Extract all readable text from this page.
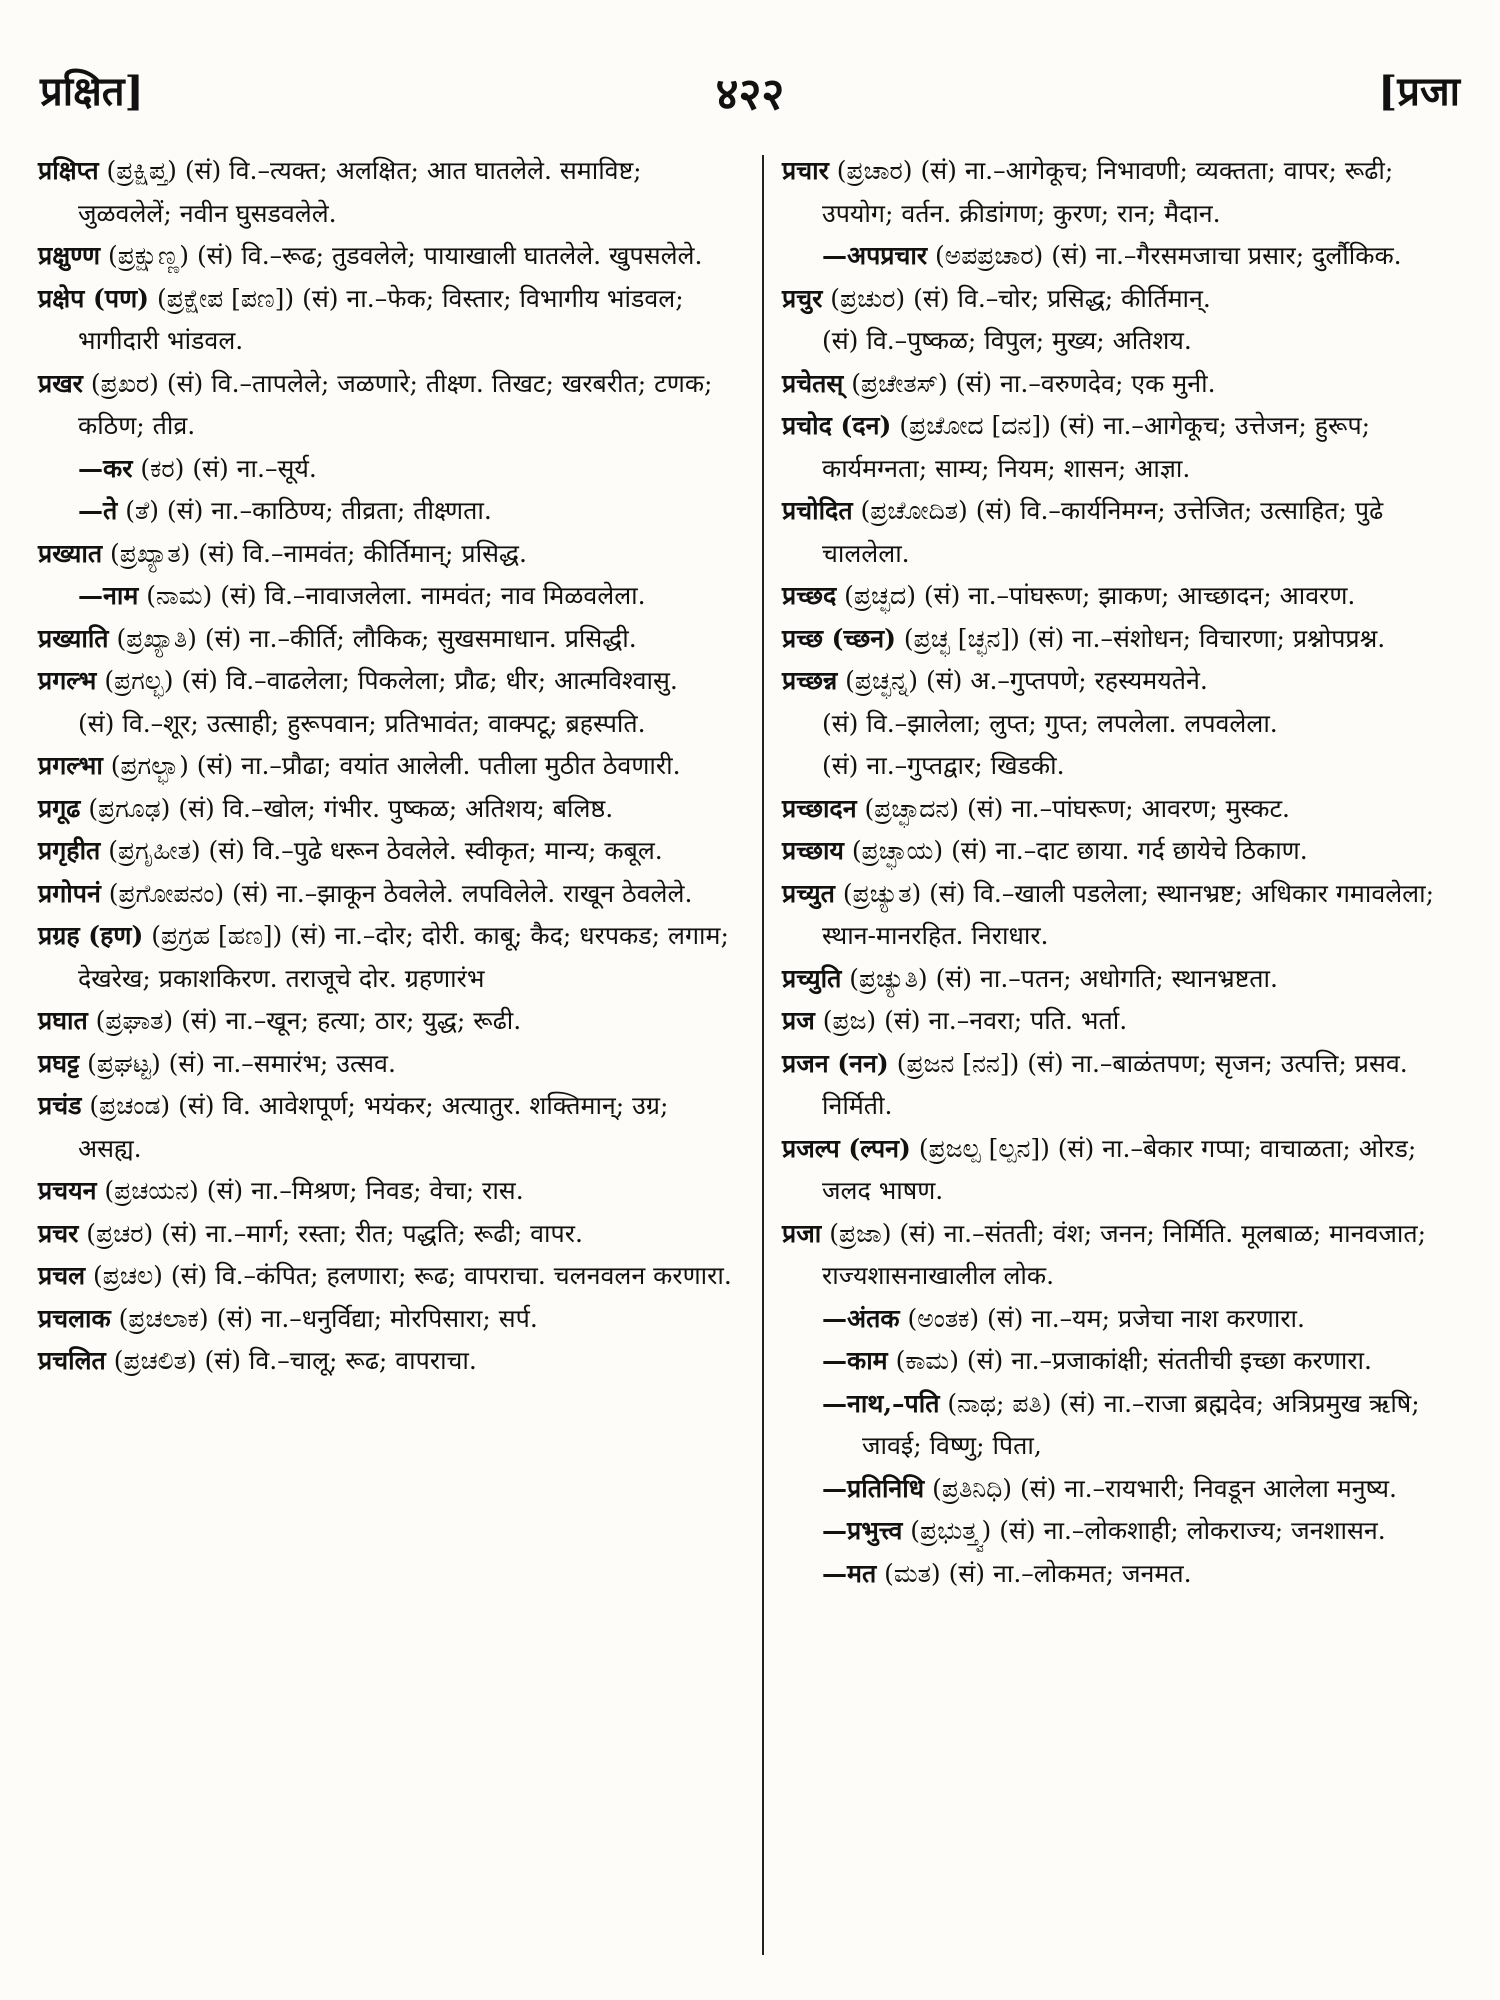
प्रक्षित]	४२२	[प्रजा
प्रक्षिप्त (ಪ್ರಕ್ಷಿಪ್ತ) (सं) वि.–त्यक्त; अलक्षित; आत घातलेले. समाविष्ट; जुळवलेलें; नवीन घुसडवलेले.
प्रक्षुण्ण (ಪ್ರಕ್ಷುಣ್ಣ) (सं) वि.–रूढ; तुडवलेले; पायाखाली घातलेले. खुपसलेले.
प्रक्षेप (पण) (ಪ್ರಕ್ಷೇಪ [ಪಣ]) (सं) ना.–फेक; विस्तार; विभागीय भांडवल; भागीदारी भांडवल.
प्रखर (ಪ್ರಖರ) (सं) वि.–तापलेले; जळणारे; तीक्ष्ण. तिखट; खरबरीत; टणक; कठिण; तीव्र.
—कर (ಕರ) (सं) ना.–सूर्य.
—ते (ತೆ) (सं) ना.–काठिण्य; तीव्रता; तीक्ष्णता.
प्रख्यात (ಪ್ರಖ್ಯಾತ) (सं) वि.–नामवंत; कीर्तिमान्; प्रसिद्ध.
—नाम (ನಾಮ) (सं) वि.–नावाजलेला. नामवंत; नाव मिळवलेला.
प्रख्याति (ಪ್ರಖ್ಯಾತಿ) (सं) ना.–कीर्ति; लौकिक; सुखसमाधान. प्रसिद्धी.
प्रगल्भ (ಪ್ರಗಲ್ಭ) (सं) वि.–वाढलेला; पिकलेला; प्रौढ; धीर; आत्मविश्वासु.
(सं) वि.–शूर; उत्साही; हुरूपवान; प्रतिभावंत; वाक्पटू; ब्रहस्पति.
प्रगल्भा (ಪ್ರಗಲ್ಭಾ) (सं) ना.–प्रौढा; वयांत आलेली. पतीला मुठीत ठेवणारी.
प्रगूढ (ಪ್ರಗೂಢ) (सं) वि.–खोल; गंभीर. पुष्कळ; अतिशय; बलिष्ठ.
प्रगृहीत (ಪ್ರಗೃಹೀತ) (सं) वि.–पुढे धरून ठेवलेले. स्वीकृत; मान्य; कबूल.
प्रगोपनं (ಪ್ರಗೋಪನಂ) (सं) ना.–झाकून ठेवलेले. लपविलेले. राखून ठेवलेले.
प्रग्रह (हण) (ಪ್ರಗ್ರಹ [ಹಣ]) (सं) ना.–दोर; दोरी. काबू; कैद; धरपकड; लगाम; देखरेख; प्रकाशकिरण. तराजूचे दोर. ग्रहणारंभ
प्रघात (ಪ್ರಘಾತ) (सं) ना.–खून; हत्या; ठार; युद्ध; रूढी.
प्रघट्ट (ಪ್ರಘಟ್ಟ) (सं) ना.–समारंभ; उत्सव.
प्रचंड (ಪ್ರಚಂಡ) (सं) वि. आवेशपूर्ण; भयंकर; अत्यातुर. शक्तिमान्; उग्र; असह्य.
प्रचयन (ಪ್ರಚಯನ) (सं) ना.–मिश्रण; निवड; वेचा; रास.
प्रचर (ಪ್ರಚರ) (सं) ना.–मार्ग; रस्ता; रीत; पद्धति; रूढी; वापर.
प्रचल (ಪ್ರಚಲ) (सं) वि.–कंपित; हलणारा; रूढ; वापराचा. चलनवलन करणारा.
प्रचलाक (ಪ್ರಚಲಾಕ) (सं) ना.–धनुर्विद्या; मोरपिसारा; सर्प.
प्रचलित (ಪ್ರಚಲಿತ) (सं) वि.–चालू; रूढ; वापराचा.
प्रचार (ಪ್ರಚಾರ) (सं) ना.–आगेकूच; निभावणी; व्यक्तता; वापर; रूढी; उपयोग; वर्तन. क्रीडांगण; कुरण; रान; मैदान.
—अपप्रचार (ಅಪಪ್ರಚಾರ) (सं) ना.–गैरसमजाचा प्रसार; दुर्लौकिक.
प्रचुर (ಪ್ರಚುರ) (सं) वि.–चोर; प्रसिद्ध; कीर्तिमान्.
(सं) वि.–पुष्कळ; विपुल; मुख्य; अतिशय.
प्रचेतस् (ಪ್ರಚೇತಸ್) (सं) ना.–वरुणदेव; एक मुनी.
प्रचोद (दन) (ಪ್ರಚೋದ [ದನ]) (सं) ना.–आगेकूच; उत्तेजन; हुरूप; कार्यमग्नता; साम्य; नियम; शासन; आज्ञा.
प्रचोदित (ಪ್ರಚೋದಿತ) (सं) वि.–कार्यनिमग्न; उत्तेजित; उत्साहित; पुढे चाललेला.
प्रच्छद (ಪ್ರಚ್ಛದ) (सं) ना.–पांघरूण; झाकण; आच्छादन; आवरण.
प्रच्छ (च्छन) (ಪ್ರಚ್ಛ [ಚ್ಛನ]) (सं) ना.–संशोधन; विचारणा; प्रश्नोपप्रश्न.
प्रच्छन्न (ಪ್ರಚ್ಛನ್ನ) (सं) अ.–गुप्तपणे; रहस्यमयतेने.
(सं) वि.–झालेला; लुप्त; गुप्त; लपलेला. लपवलेला.
(सं) ना.–गुप्तद्वार; खिडकी.
प्रच्छादन (ಪ್ರಚ್ಛಾದನ) (सं) ना.–पांघरूण; आवरण; मुस्कट.
प्रच्छाय (ಪ್ರಚ್ಛಾಯ) (सं) ना.–दाट छाया. गर्द छायेचे ठिकाण.
प्रच्युत (ಪ್ರಚ್ಯುತ) (सं) वि.–खाली पडलेला; स्थानभ्रष्ट; अधिकार गमावलेला; स्थान-मानरहित. निराधार.
प्रच्युति (ಪ್ರಚ್ಯುತಿ) (सं) ना.–पतन; अधोगति; स्थानभ्रष्टता.
प्रज (ಪ್ರಜ) (सं) ना.–नवरा; पति. भर्ता.
प्रजन (नन) (ಪ್ರಜನ [ನನ]) (सं) ना.–बाळंतपण; सृजन; उत्पत्ति; प्रसव. निर्मिती.
प्रजल्प (ल्पन) (ಪ್ರಜಲ್ಪ [ಲ್ಪನ]) (सं) ना.–बेकार गप्पा; वाचाळता; ओरड; जलद भाषण.
प्रजा (ಪ್ರಜಾ) (सं) ना.–संतती; वंश; जनन; निर्मिति. मूलबाळ; मानवजात; राज्यशासनाखालील लोक.
—अंतक (ಅಂತಕ) (सं) ना.–यम; प्रजेचा नाश करणारा.
—काम (ಕಾಮ) (सं) ना.–प्रजाकांक्षी; संततीची इच्छा करणारा.
—नाथ,–पति (ನಾಥ; ಪತಿ) (सं) ना.–राजा ब्रह्मदेव; अत्रिप्रमुख ऋषि; जावई; विष्णु; पिता,
—प्रतिनिधि (ಪ್ರತಿನಿಧಿ) (सं) ना.–रायभारी; निवडून आलेला मनुष्य.
—प्रभुत्त्व (ಪ್ರಭುತ್ತ್ವ) (सं) ना.–लोकशाही; लोकराज्य; जनशासन.
—मत (ಮತ) (सं) ना.–लोकमत; जनमत.
